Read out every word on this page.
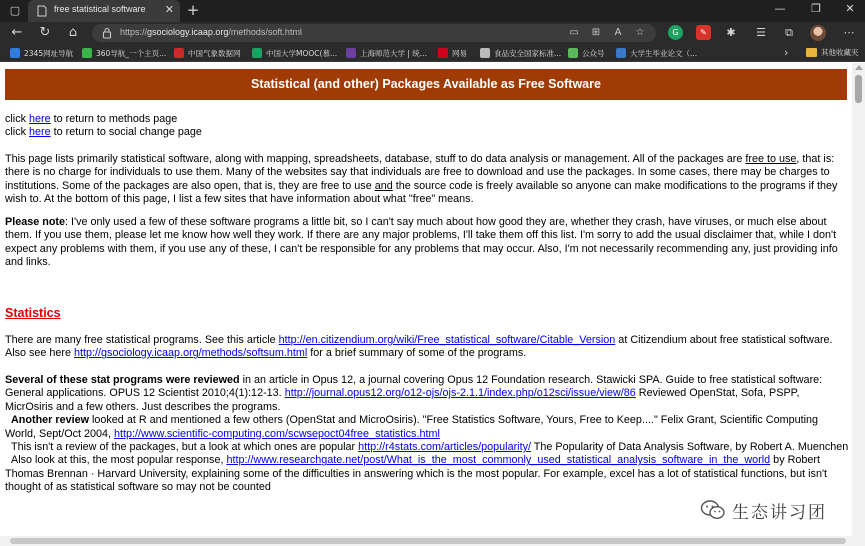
▢	free statistical software ✕ +	—	❐	✕
← ↻	⌂	https://gsociology.icaap.org/methods/soft.html	▭	⊞	A	☆	G	✎	✱	☰	⧉	⋯
2345网址导航	360导航_一个主页...	中国气象数据网	中国大学MOOC(慕...	上海师范大学 | 统...	网易	食品安全国家标准...	公众号	大学生毕业论文（...	›	其他收藏夹
Statistical (and other) Packages Available as Free Software
click here to return to methods page
click here to return to social change page
This page lists primarily statistical software, along with mapping, spreadsheets, database, stuff to do data analysis or management. All of the packages are free to use, that is: there is no charge for individuals to use them. Many of the websites say that individuals are free to download and use the packages. In some cases, there may be charges to institutions. Some of the packages are also open, that is, they are free to use and the source code is freely available so anyone can make modifications to the programs if they wish to. At the bottom of this page, I list a few sites that have information about what "free" means.
Please note: I've only used a few of these software programs a little bit, so I can't say much about how good they are, whether they crash, have viruses, or much else about them. If you use them, please let me know how well they work. If there are any major problems, I'll take them off this list. I'm sorry to add the usual disclaimer that, while I don't expect any problems with them, if you use any of these, I can't be responsible for any problems that may occur. Also, I'm not necessarily recommending any, just providing info and links.
Statistics
There are many free statistical programs. See this article http://en.citizendium.org/wiki/Free_statistical_software/Citable_Version at Citizendium about free statistical software. Also see here http://gsociology.icaap.org/methods/softsum.html for a brief summary of some of the programs.
Several of these stat programs were reviewed in an article in Opus 12, a journal covering Opus 12 Foundation research. Stawicki SPA. Guide to free statistical software: General applications. OPUS 12 Scientist 2010;4(1):12-13. http://journal.opus12.org/o12-ojs/ojs-2.1.1/index.php/o12sci/issue/view/86 Reviewed OpenStat, Sofa, PSPP, MicrOsiris and a few others. Just describes the programs.
Another review looked at R and mentioned a few others (OpenStat and MicroOsiris). "Free Statistics Software, Yours, Free to Keep...." Felix Grant, Scientific Computing World, Sept/Oct 2004, http://www.scientific-computing.com/scwsepoct04free_statistics.html
This isn't a review of the packages, but a look at which ones are popular http://r4stats.com/articles/popularity/ The Popularity of Data Analysis Software, by Robert A. Muenchen
Also look at this, the most popular response, http://www.researchgate.net/post/What_is_the_most_commonly_used_statistical_analysis_software_in_the_world by Robert Thomas Brennan · Harvard University, explaining some of the difficulties in answering which is the most popular. For example, excel has a lot of statistical functions, but isn't thought of as statistical software so may not be counted
生态讲习团
